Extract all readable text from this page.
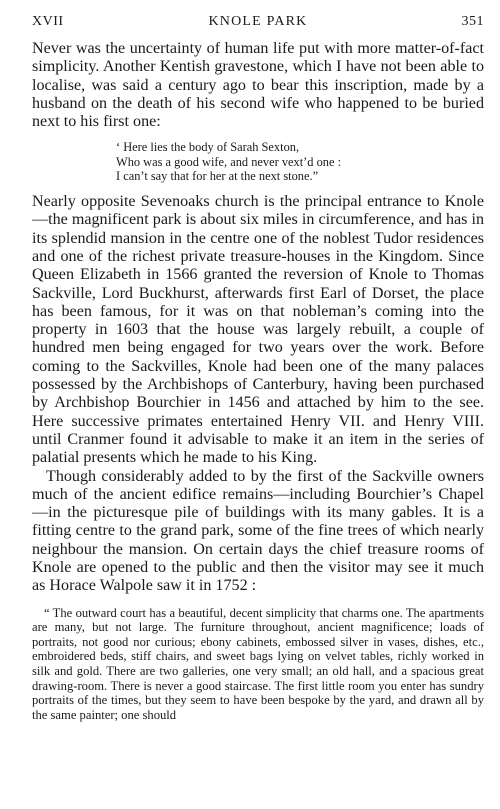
XVII	KNOLE PARK	351

Never was the uncertainty of human life put with more matter-of-fact simplicity. Another Kentish gravestone, which I have not been able to localise, was said a century ago to bear this inscription, made by a husband on the death of his second wife who happened to be buried next to his first one:

‘ Here lies the body of Sarah Sexton,
Who was a good wife, and never vext’d one :
I can’t say that for her at the next stone.”

Nearly opposite Sevenoaks church is the principal entrance to Knole—the magnificent park is about six miles in circumference, and has in its splendid mansion in the centre one of the noblest Tudor residences and one of the richest private treasure-houses in the Kingdom. Since Queen Elizabeth in 1566 granted the reversion of Knole to Thomas Sackville, Lord Buckhurst, afterwards first Earl of Dorset, the place has been famous, for it was on that nobleman’s coming into the property in 1603 that the house was largely rebuilt, a couple of hundred men being engaged for two years over the work. Before coming to the Sackvilles, Knole had been one of the many palaces possessed by the Archbishops of Canterbury, having been purchased by Archbishop Bourchier in 1456 and attached by him to the see. Here successive primates entertained Henry VII. and Henry VIII. until Cranmer found it advisable to make it an item in the series of palatial presents which he made to his King.

Though considerably added to by the first of the Sackville owners much of the ancient edifice remains—including Bourchier’s Chapel—in the picturesque pile of buildings with its many gables. It is a fitting centre to the grand park, some of the fine trees of which nearly neighbour the mansion. On certain days the chief treasure rooms of Knole are opened to the public and then the visitor may see it much as Horace Walpole saw it in 1752 :

“ The outward court has a beautiful, decent simplicity that charms one. The apartments are many, but not large. The furniture throughout, ancient magnificence; loads of portraits, not good nor curious; ebony cabinets, embossed silver in vases, dishes, etc., embroidered beds, stiff chairs, and sweet bags lying on velvet tables, richly worked in silk and gold. There are two galleries, one very small; an old hall, and a spacious great drawing-room. There is never a good staircase. The first little room you enter has sundry portraits of the times, but they seem to have been bespoke by the yard, and drawn all by the same painter; one should
